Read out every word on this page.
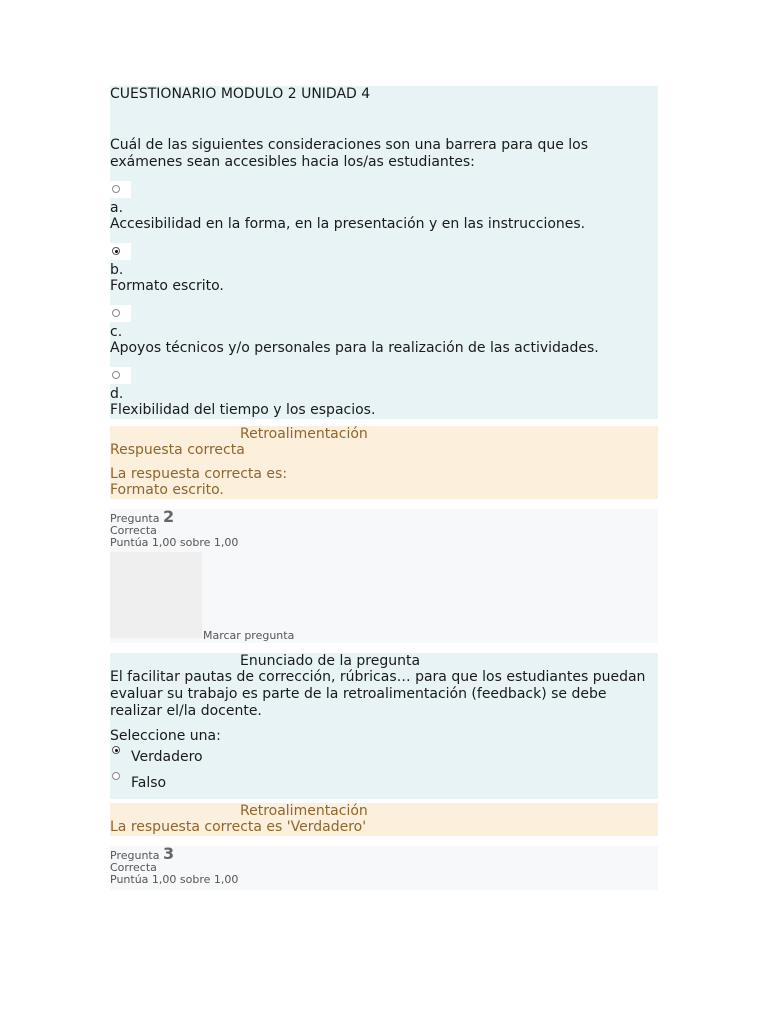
CUESTIONARIO MODULO 2 UNIDAD 4
Cuál de las siguientes consideraciones son una barrera para que los exámenes sean accesibles hacia los/as estudiantes:
a.
Accesibilidad en la forma, en la presentación y en las instrucciones.
b.
Formato escrito.
c.
Apoyos técnicos y/o personales para la realización de las actividades.
d.
Flexibilidad del tiempo y los espacios.
Retroalimentación
Respuesta correcta
La respuesta correcta es:
Formato escrito.
Pregunta 2
Correcta
Puntúa 1,00 sobre 1,00
Marcar pregunta
Enunciado de la pregunta
El facilitar pautas de corrección, rúbricas… para que los estudiantes puedan evaluar su trabajo es parte de la retroalimentación (feedback) se debe realizar el/la docente.
Seleccione una:
Verdadero
Falso
Retroalimentación
La respuesta correcta es 'Verdadero'
Pregunta 3
Correcta
Puntúa 1,00 sobre 1,00
